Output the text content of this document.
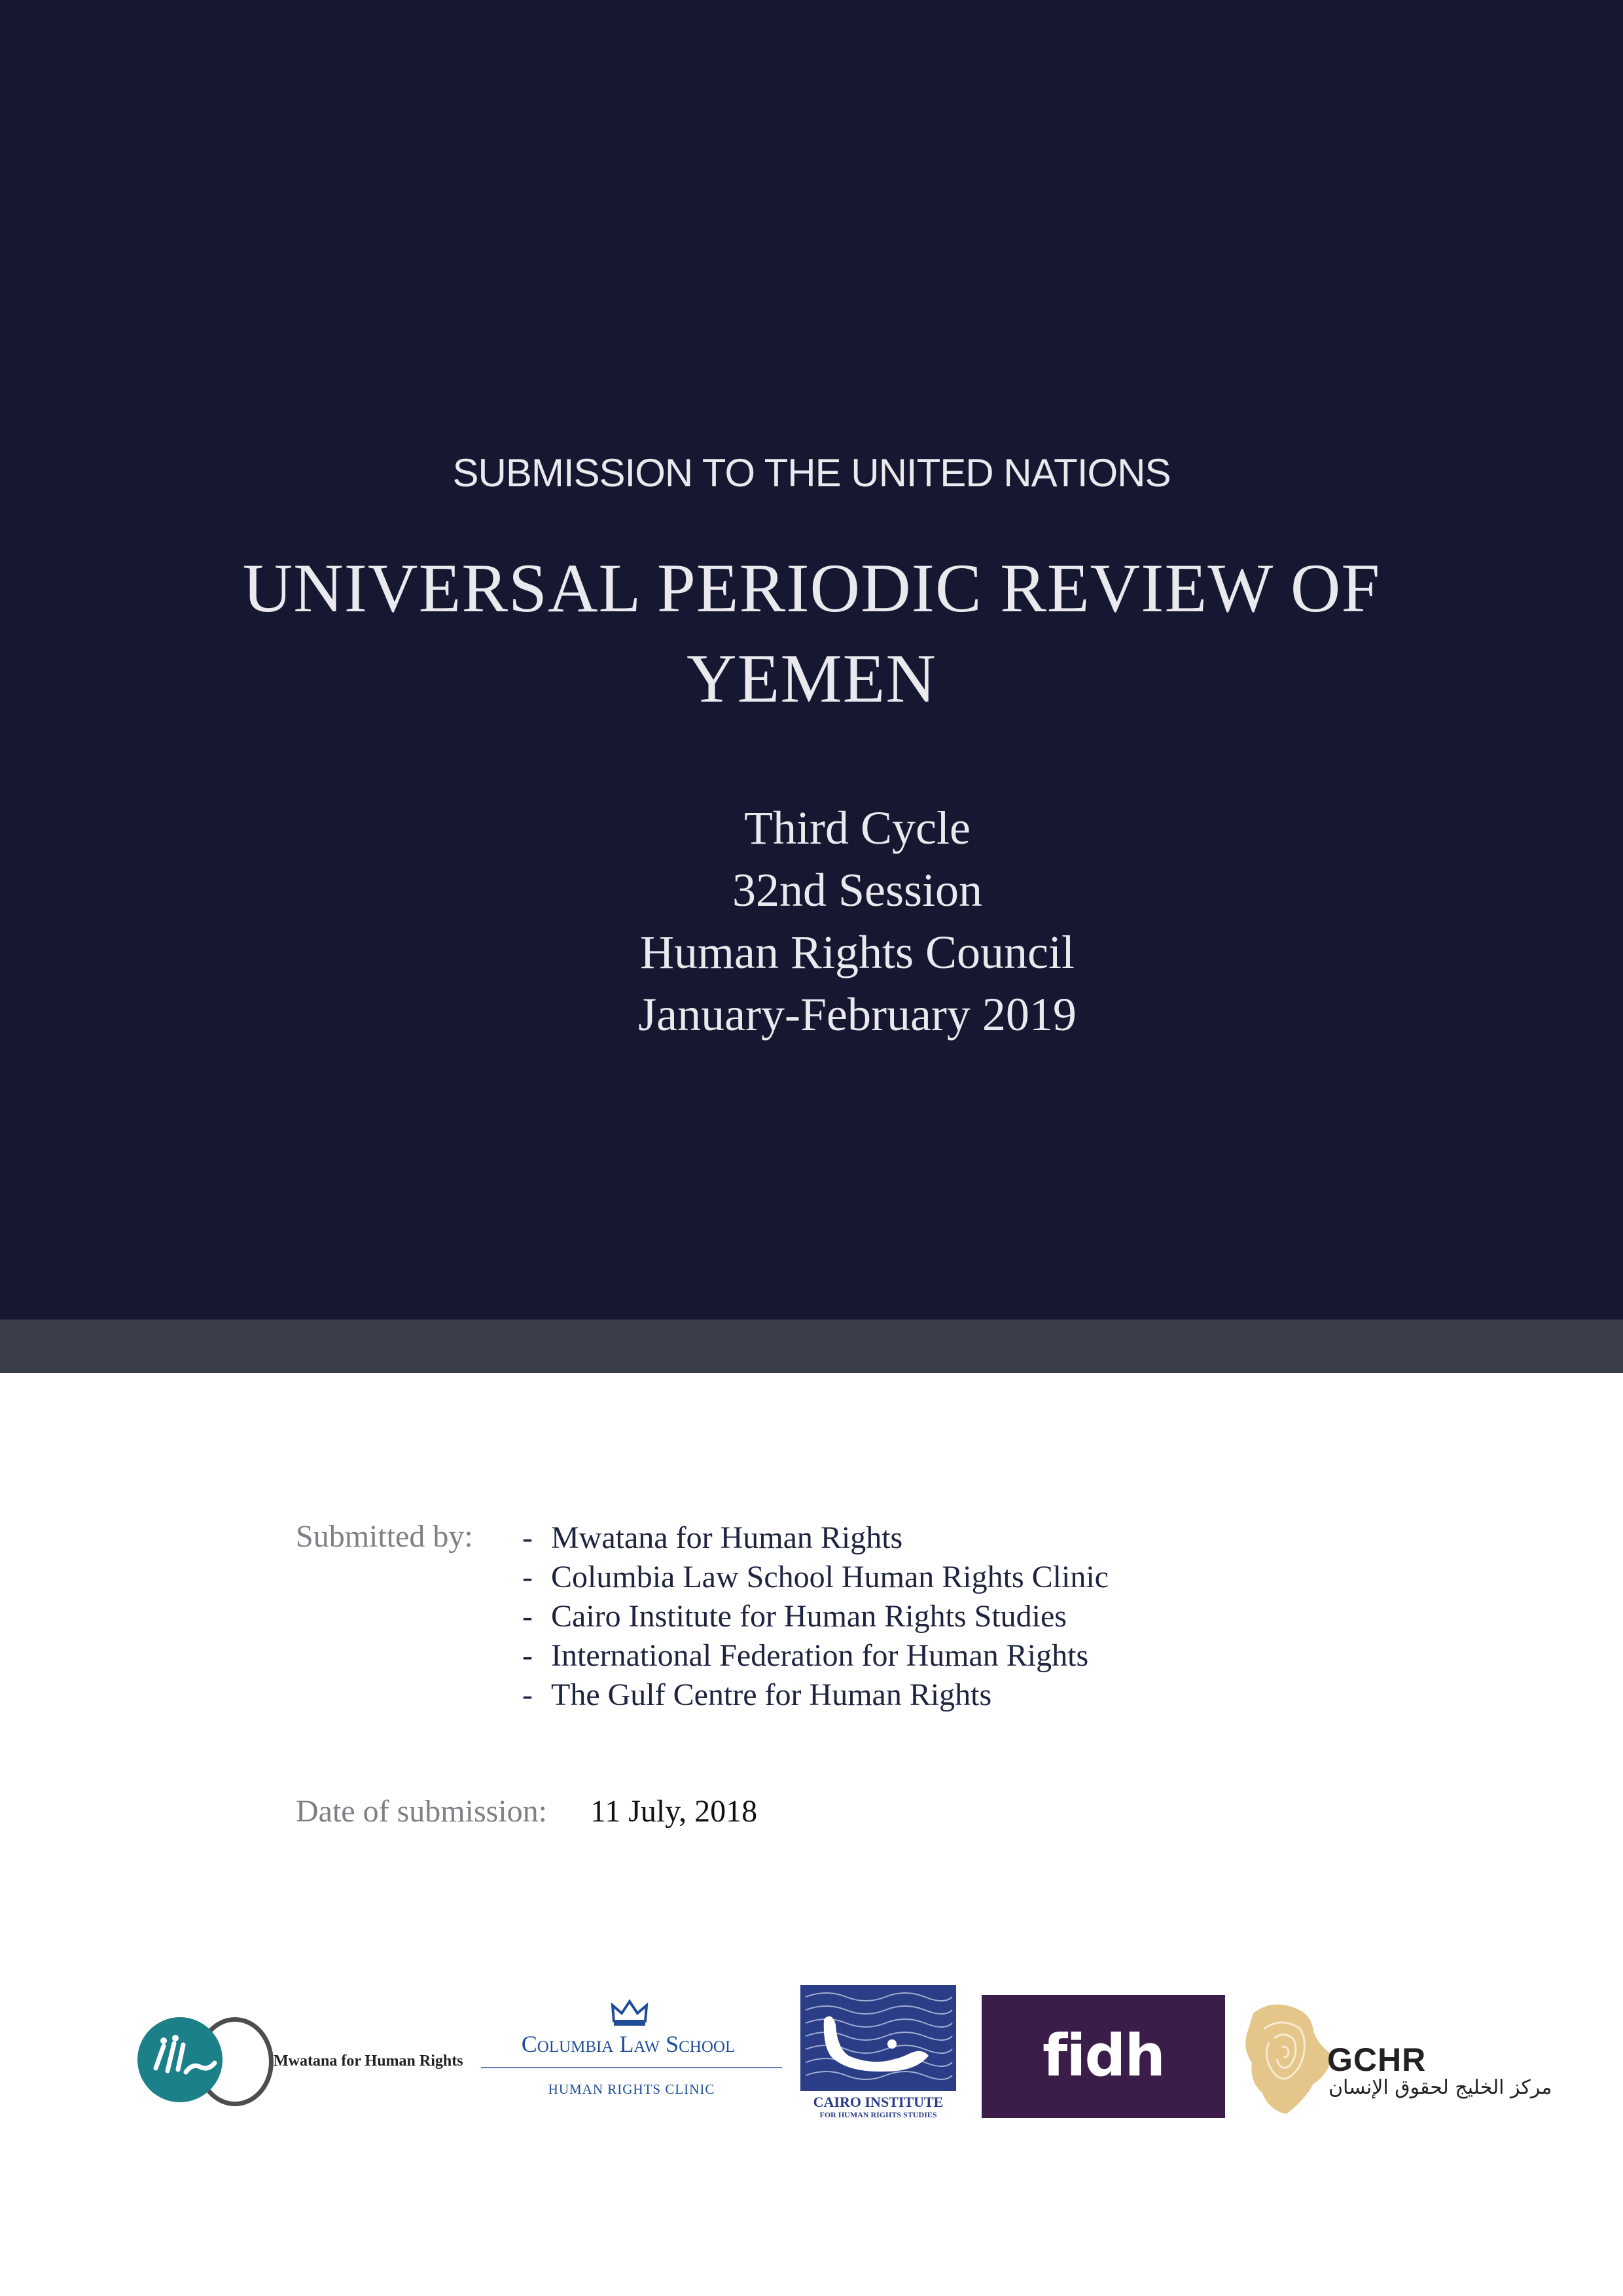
SUBMISSION TO THE UNITED NATIONS
UNIVERSAL PERIODIC REVIEW OF
YEMEN
Third Cycle
32nd Session
Human Rights Council
January-February 2019
Submitted by: - Mwatana for Human Rights
- Columbia Law School Human Rights Clinic
- Cairo Institute for Human Rights Studies
- International Federation for Human Rights
- The Gulf Centre for Human Rights
Date of submission: 11 July, 2018
Mwatana for Human Rights
Columbia Law School
HUMAN RIGHTS CLINIC
CAIRO INSTITUTE
FOR HUMAN RIGHTS STUDIES
fidh	GCHR
مركز الخليج لحقوق الإنسان
